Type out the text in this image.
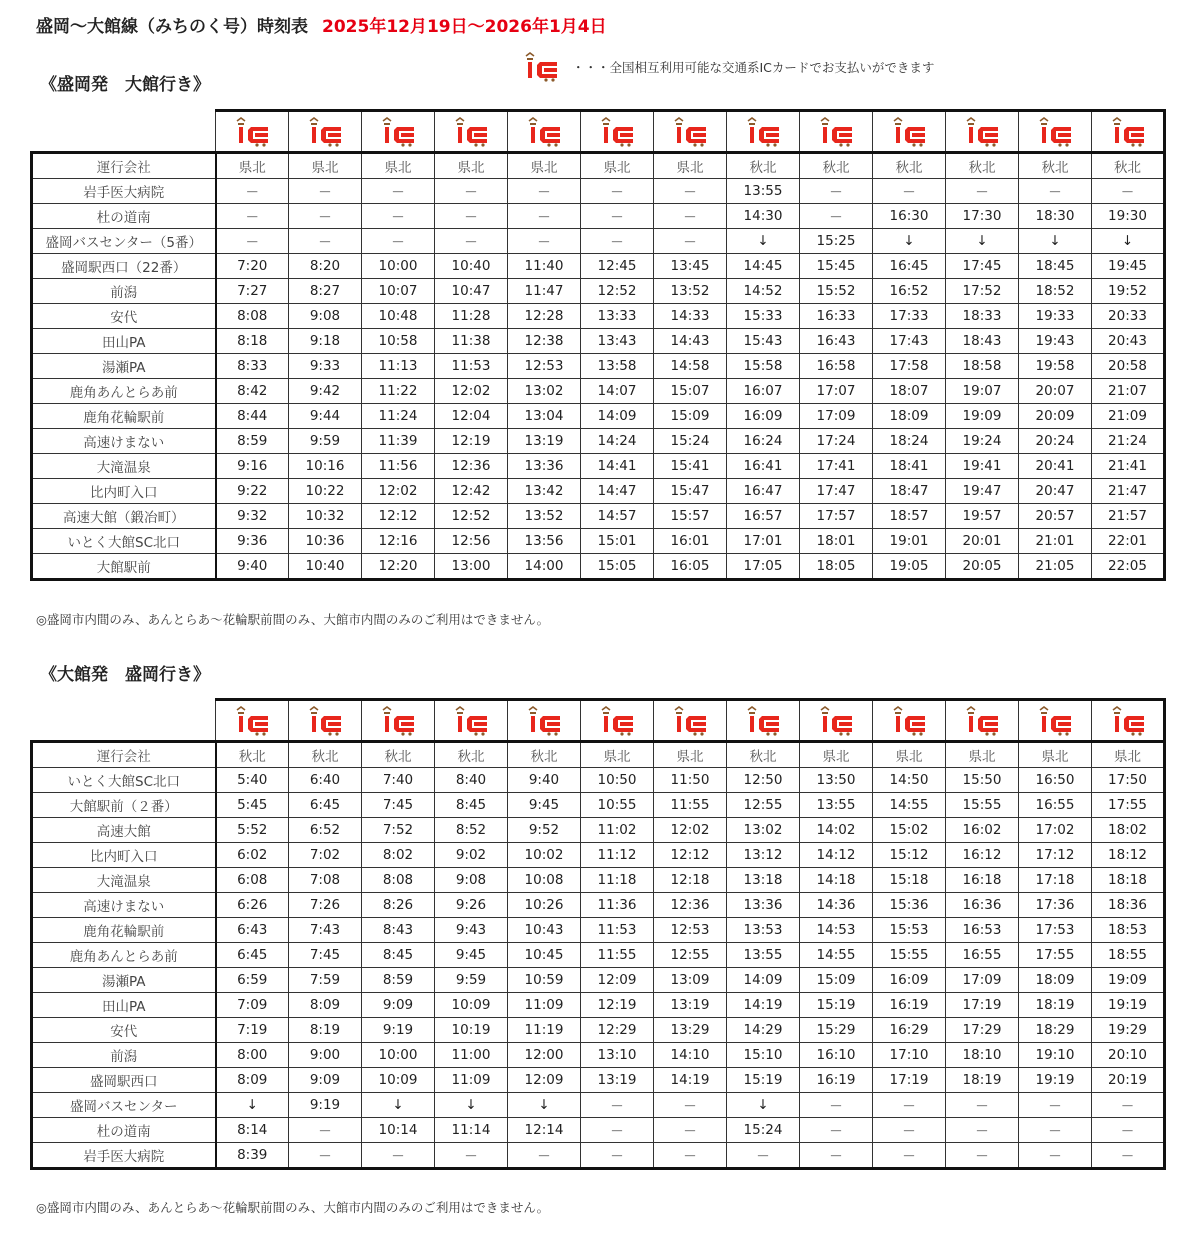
盛岡〜大館線（みちのく号）時刻表 2025年12月19日〜2026年1月4日
・・・全国相互利用可能な交通系ICカードでお支払いができます
《盛岡発　大館行き》

運行会社	県北	県北	県北	県北	県北	県北	県北	秋北	秋北	秋北	秋北	秋北	秋北
岩手医大病院	－	－	－	－	－	－	－	13:55	－	－	－	－	－
杜の道南	－	－	－	－	－	－	－	14:30	－	16:30	17:30	18:30	19:30
盛岡バスセンター（5番）	－	－	－	－	－	－	－	↓	15:25	↓	↓	↓	↓
盛岡駅西口（22番）	7:20	8:20	10:00	10:40	11:40	12:45	13:45	14:45	15:45	16:45	17:45	18:45	19:45
前潟	7:27	8:27	10:07	10:47	11:47	12:52	13:52	14:52	15:52	16:52	17:52	18:52	19:52
安代	8:08	9:08	10:48	11:28	12:28	13:33	14:33	15:33	16:33	17:33	18:33	19:33	20:33
田山PA	8:18	9:18	10:58	11:38	12:38	13:43	14:43	15:43	16:43	17:43	18:43	19:43	20:43
湯瀬PA	8:33	9:33	11:13	11:53	12:53	13:58	14:58	15:58	16:58	17:58	18:58	19:58	20:58
鹿角あんとらあ前	8:42	9:42	11:22	12:02	13:02	14:07	15:07	16:07	17:07	18:07	19:07	20:07	21:07
鹿角花輪駅前	8:44	9:44	11:24	12:04	13:04	14:09	15:09	16:09	17:09	18:09	19:09	20:09	21:09
高速けまない	8:59	9:59	11:39	12:19	13:19	14:24	15:24	16:24	17:24	18:24	19:24	20:24	21:24
大滝温泉	9:16	10:16	11:56	12:36	13:36	14:41	15:41	16:41	17:41	18:41	19:41	20:41	21:41
比内町入口	9:22	10:22	12:02	12:42	13:42	14:47	15:47	16:47	17:47	18:47	19:47	20:47	21:47
高速大館（鍛冶町）	9:32	10:32	12:12	12:52	13:52	14:57	15:57	16:57	17:57	18:57	19:57	20:57	21:57
いとく大館SC北口	9:36	10:36	12:16	12:56	13:56	15:01	16:01	17:01	18:01	19:01	20:01	21:01	22:01
大館駅前	9:40	10:40	12:20	13:00	14:00	15:05	16:05	17:05	18:05	19:05	20:05	21:05	22:05
◎盛岡市内間のみ、あんとらあ〜花輪駅前間のみ、大館市内間のみのご利用はできません。
《大館発　盛岡行き》

運行会社	秋北	秋北	秋北	秋北	秋北	県北	県北	秋北	県北	県北	県北	県北	県北
いとく大館SC北口	5:40	6:40	7:40	8:40	9:40	10:50	11:50	12:50	13:50	14:50	15:50	16:50	17:50
大館駅前（２番）	5:45	6:45	7:45	8:45	9:45	10:55	11:55	12:55	13:55	14:55	15:55	16:55	17:55
高速大館	5:52	6:52	7:52	8:52	9:52	11:02	12:02	13:02	14:02	15:02	16:02	17:02	18:02
比内町入口	6:02	7:02	8:02	9:02	10:02	11:12	12:12	13:12	14:12	15:12	16:12	17:12	18:12
大滝温泉	6:08	7:08	8:08	9:08	10:08	11:18	12:18	13:18	14:18	15:18	16:18	17:18	18:18
高速けまない	6:26	7:26	8:26	9:26	10:26	11:36	12:36	13:36	14:36	15:36	16:36	17:36	18:36
鹿角花輪駅前	6:43	7:43	8:43	9:43	10:43	11:53	12:53	13:53	14:53	15:53	16:53	17:53	18:53
鹿角あんとらあ前	6:45	7:45	8:45	9:45	10:45	11:55	12:55	13:55	14:55	15:55	16:55	17:55	18:55
湯瀬PA	6:59	7:59	8:59	9:59	10:59	12:09	13:09	14:09	15:09	16:09	17:09	18:09	19:09
田山PA	7:09	8:09	9:09	10:09	11:09	12:19	13:19	14:19	15:19	16:19	17:19	18:19	19:19
安代	7:19	8:19	9:19	10:19	11:19	12:29	13:29	14:29	15:29	16:29	17:29	18:29	19:29
前潟	8:00	9:00	10:00	11:00	12:00	13:10	14:10	15:10	16:10	17:10	18:10	19:10	20:10
盛岡駅西口	8:09	9:09	10:09	11:09	12:09	13:19	14:19	15:19	16:19	17:19	18:19	19:19	20:19
盛岡バスセンター	↓	9:19	↓	↓	↓	－	－	↓	－	－	－	－	－
杜の道南	8:14	－	10:14	11:14	12:14	－	－	15:24	－	－	－	－	－
岩手医大病院	8:39	－	－	－	－	－	－	－	－	－	－	－	－
◎盛岡市内間のみ、あんとらあ〜花輪駅前間のみ、大館市内間のみのご利用はできません。
